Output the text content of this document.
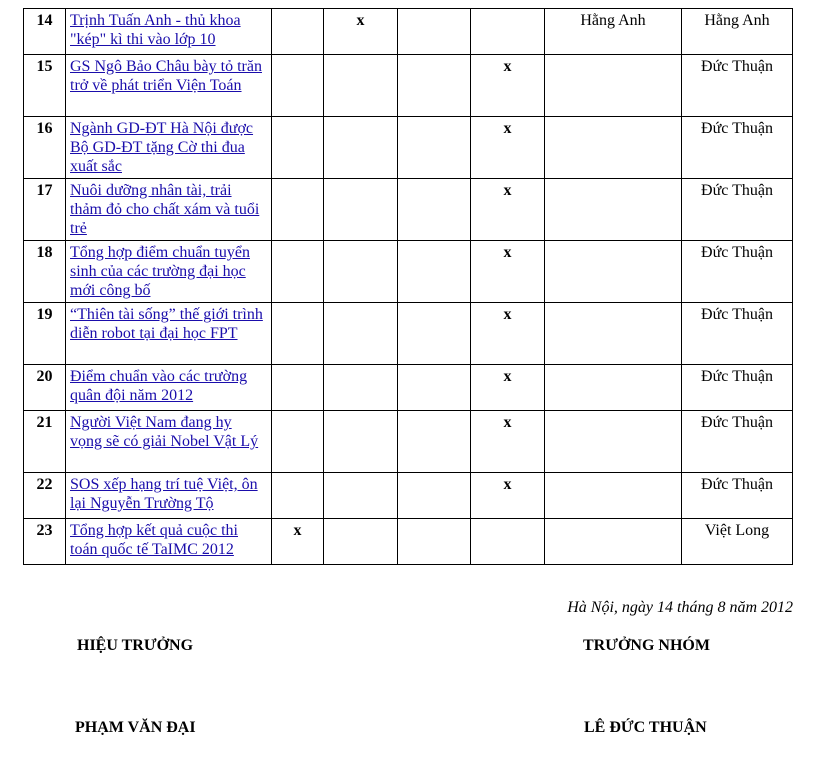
14	Trịnh Tuấn Anh - thủ khoa "kép" kì thi vào lớp 10		x			Hằng Anh	Hằng Anh
15	GS Ngô Bảo Châu bày tỏ trăn trở về phát triển Viện Toán				x		Đức Thuận
16	Ngành GD-ĐT Hà Nội được Bộ GD-ĐT tặng Cờ thi đua xuất sắc				x		Đức Thuận
17	Nuôi dưỡng nhân tài, trải thảm đỏ cho chất xám và tuổi trẻ				x		Đức Thuận
18	Tổng hợp điểm chuẩn tuyển sinh của các trường đại học mới công bố				x		Đức Thuận
19	“Thiên tài sống” thế giới trình diễn robot tại đại học FPT				x		Đức Thuận
20	Điểm chuẩn vào các trường quân đội năm 2012				x		Đức Thuận
21	Người Việt Nam đang hy vọng sẽ có giải Nobel Vật Lý				x		Đức Thuận
22	SOS xếp hạng trí tuệ Việt, ôn lại Nguyễn Trường Tộ				x		Đức Thuận
23	Tổng hợp kết quả cuộc thi toán quốc tế TaIMC 2012	x					Việt Long
Hà Nội, ngày 14 tháng 8 năm 2012
HIỆU TRƯỞNG	TRƯỞNG NHÓM
PHẠM VĂN ĐẠI	LÊ ĐỨC THUẬN
